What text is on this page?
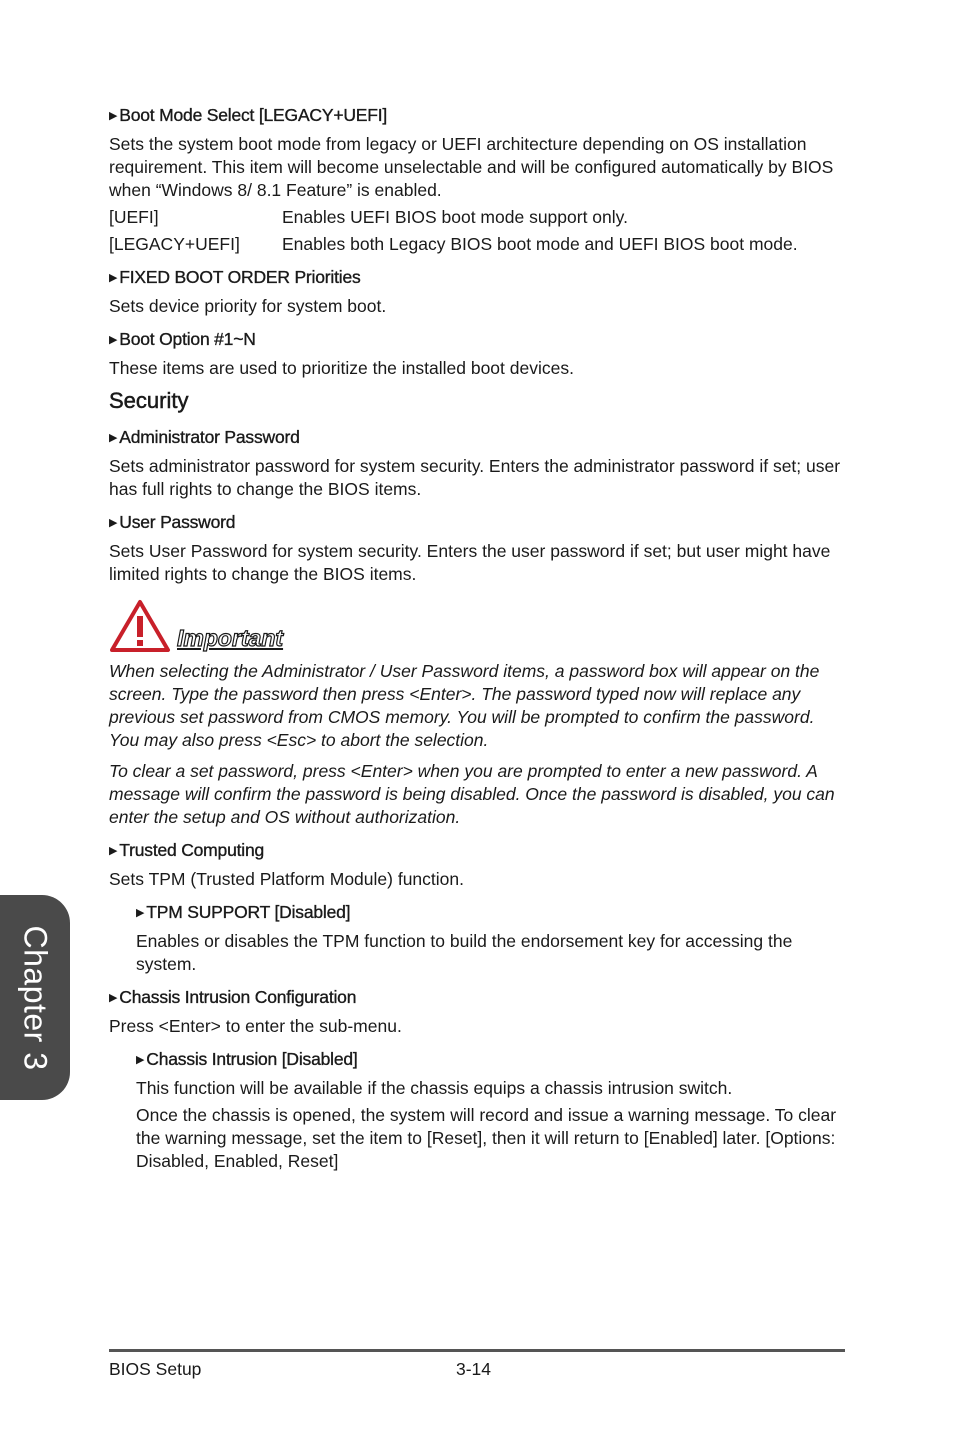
▶ Boot Mode Select [LEGACY+UEFI]

Sets the system boot mode from legacy or UEFI architecture depending on OS installation requirement. This item will become unselectable and will be configured automatically by BIOS when “Windows 8/ 8.1 Feature” is enabled.

[UEFI]	Enables UEFI BIOS boot mode support only.
[LEGACY+UEFI]	Enables both Legacy BIOS boot mode and UEFI BIOS boot mode.
▶ FIXED BOOT ORDER Priorities

Sets device priority for system boot.

▶ Boot Option #1~N

These items are used to prioritize the installed boot devices.

Security
▶ Administrator Password

Sets administrator password for system security. Enters the administrator password if set; user has full rights to change the BIOS items.

▶ User Password

Sets User Password for system security. Enters the user password if set; but user might have limited rights to change the BIOS items.

Important

When selecting the Administrator / User Password items, a password box will appear on the screen. Type the password then press <Enter>. The password typed now will replace any previous set password from CMOS memory. You will be prompted to confirm the password. You may also press <Esc> to abort the selection.

To clear a set password, press <Enter> when you are prompted to enter a new password. A message will confirm the password is being disabled. Once the password is disabled, you can enter the setup and OS without authorization.

▶ Trusted Computing

Sets TPM (Trusted Platform Module) function.

▶ TPM SUPPORT [Disabled]

Enables or disables the TPM function to build the endorsement key for accessing the system.

▶ Chassis Intrusion Configuration

Press <Enter> to enter the sub-menu.

▶ Chassis Intrusion [Disabled]

This function will be available if the chassis equips a chassis intrusion switch.

Once the chassis is opened, the system will record and issue a warning message. To clear the warning message, set the item to [Reset], then it will return to [Enabled] later. [Options: Disabled, Enabled, Reset]

Chapter 3
BIOS Setup	3-14
